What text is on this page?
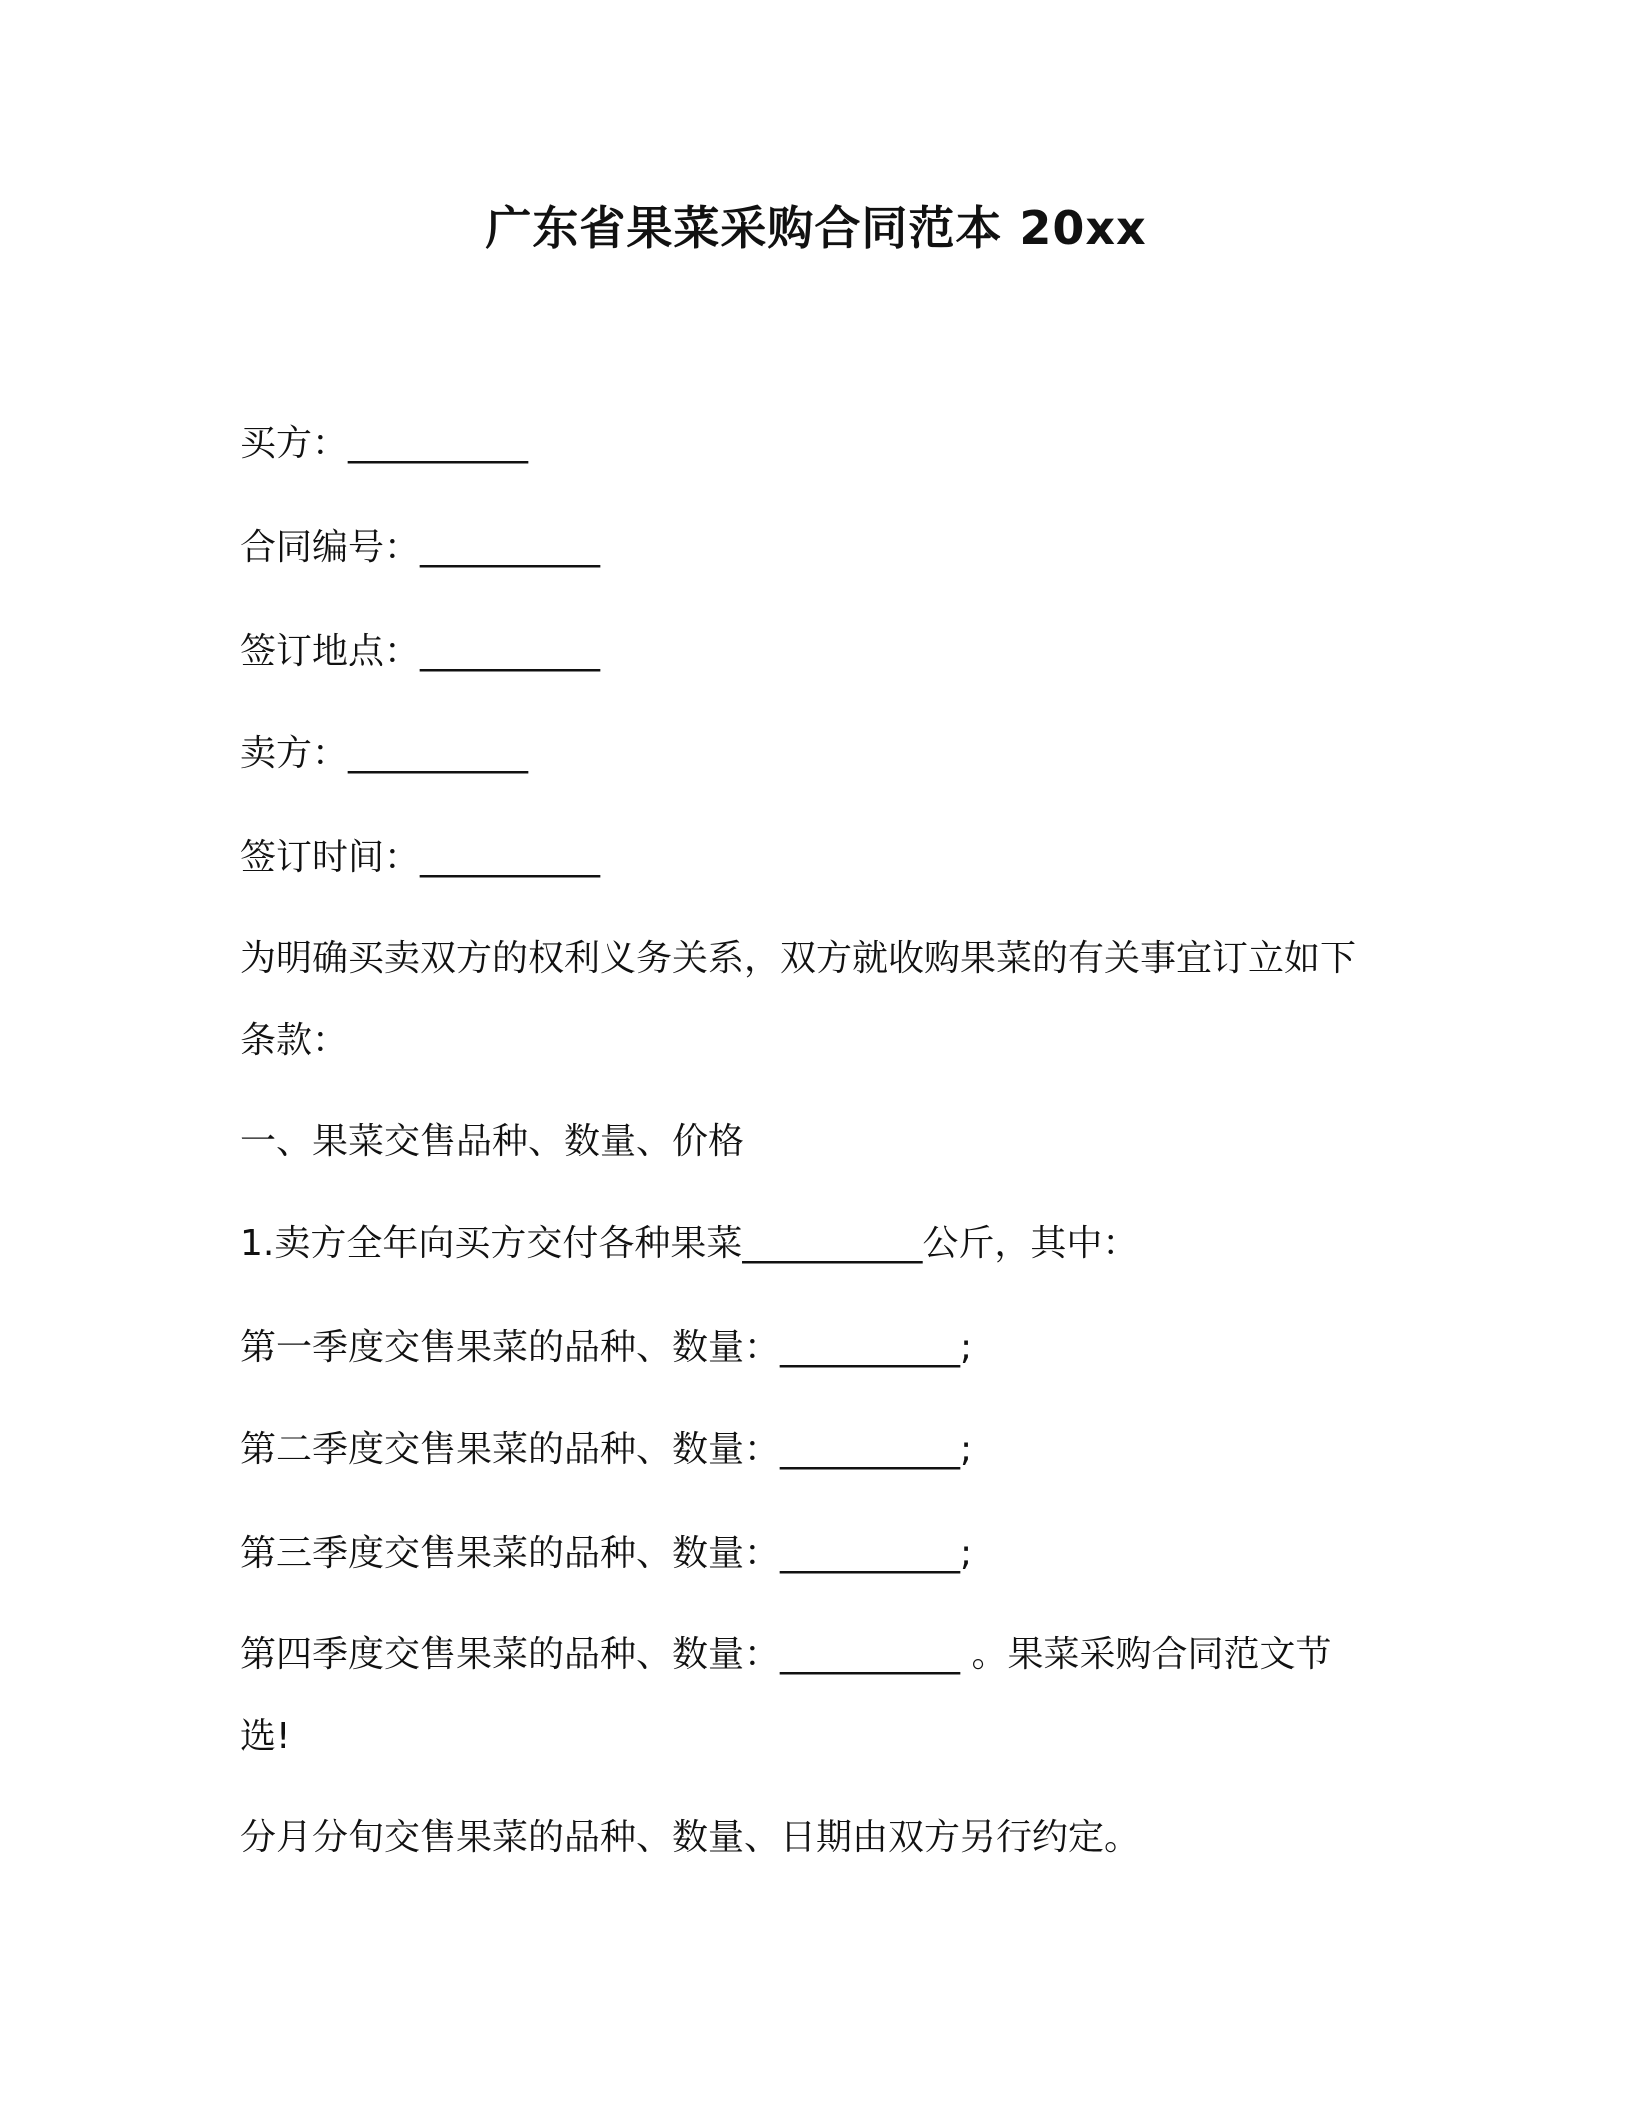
广东省果菜采购合同范本 20xx

买方：__________

合同编号：__________

签订地点：__________

卖方：__________

签订时间：__________

为明确买卖双方的权利义务关系，双方就收购果菜的有关事宜订立如下条款：

一、果菜交售品种、数量、价格

1.卖方全年向买方交付各种果菜__________公斤，其中：

第一季度交售果菜的品种、数量：__________;

第二季度交售果菜的品种、数量：__________;

第三季度交售果菜的品种、数量：__________;

第四季度交售果菜的品种、数量：__________ 。果菜采购合同范文节选!

分月分旬交售果菜的品种、数量、日期由双方另行约定。
